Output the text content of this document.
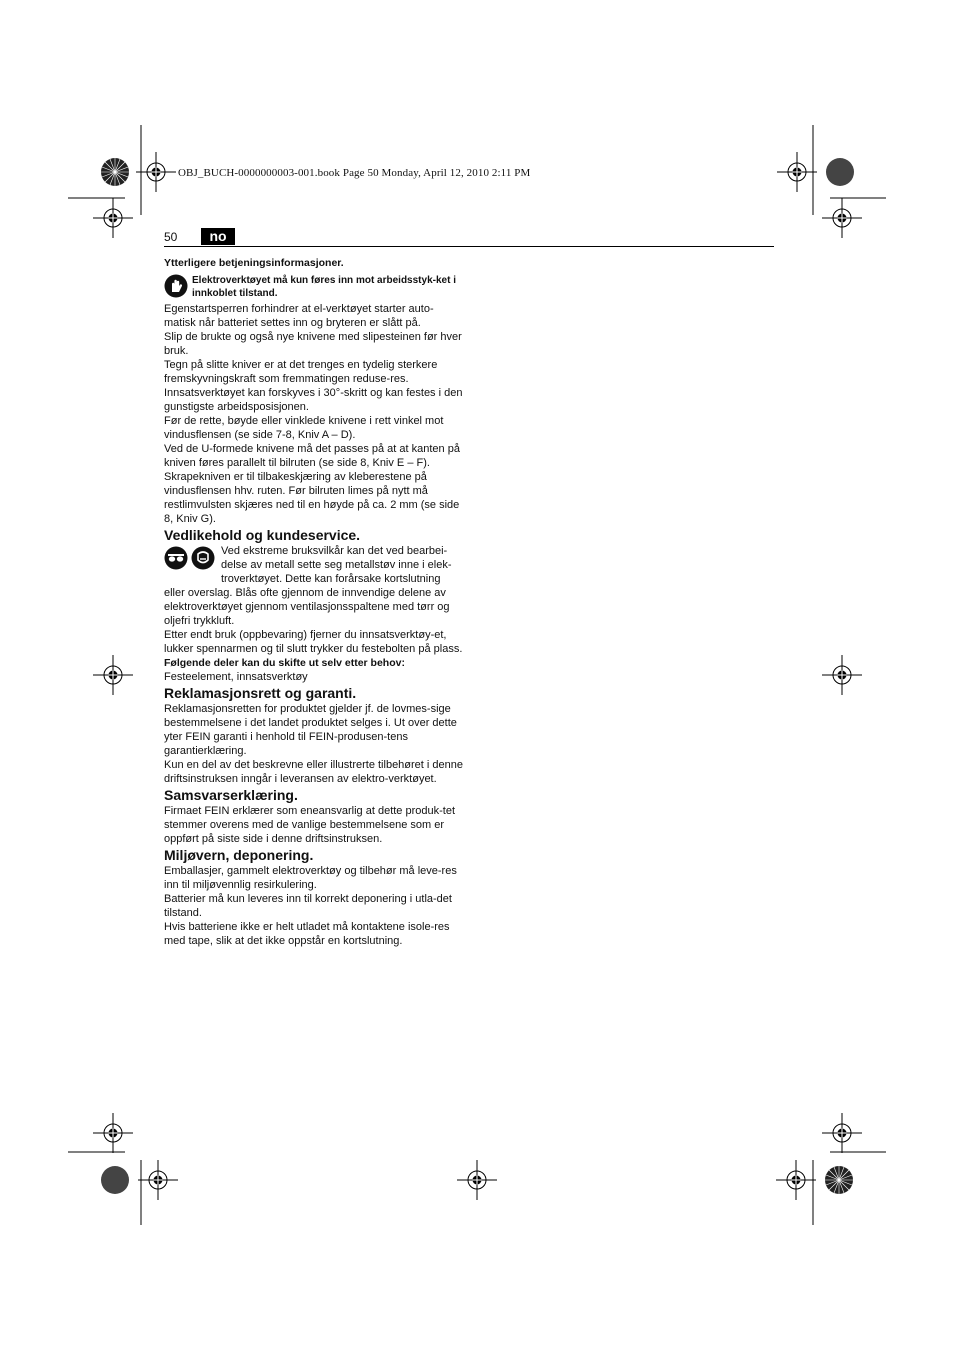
OBJ_BUCH-0000000003-001.book Page 50 Monday, April 12, 2010 2:11 PM
50	no

Ytterligere betjeningsinformasjoner.

Elektroverktøyet må kun føres inn mot arbeidsstyk-ket i innkoblet tilstand.

Egenstartsperren forhindrer at el-verktøyet starter auto-matisk når batteriet settes inn og bryteren er slått på.

Slip de brukte og også nye knivene med slipesteinen før hver bruk.

Tegn på slitte kniver er at det trenges en tydelig sterkere fremskyvningskraft som fremmatingen reduse-res.

Innsatsverktøyet kan forskyves i 30°-skritt og kan festes i den gunstigste arbeidsposisjonen.

Før de rette, bøyde eller vinklede knivene i rett vinkel mot vindusflensen (se side 7-8, Kniv A – D).

Ved de U-formede knivene må det passes på at at kanten på kniven føres parallelt til bilruten (se side 8, Kniv E – F).

Skrapekniven er til tilbakeskjæring av kleberestene på vindusflensen hhv. ruten. Før bilruten limes på nytt må restlimvulsten skjæres ned til en høyde på ca. 2 mm (se side 8, Kniv G).

Vedlikehold og kundeservice.

Ved ekstreme bruksvilkår kan det ved bearbei-delse av metall sette seg metallstøv inne i elek-troverktøyet. Dette kan forårsake kortslutning eller overslag. Blås ofte gjennom de innvendige delene av elektroverktøyet gjennom ventilasjonsspaltene med tørr og oljefri trykkluft.

Etter endt bruk (oppbevaring) fjerner du innsatsverktøy-et, lukker spennarmen og til slutt trykker du festebolten på plass.

Følgende deler kan du skifte ut selv etter behov:

Festeelement, innsatsverktøy

Reklamasjonsrett og garanti.

Reklamasjonsretten for produktet gjelder jf. de lovmes-sige bestemmelsene i det landet produktet selges i. Ut over dette yter FEIN garanti i henhold til FEIN-produsen-tens garantierklæring.

Kun en del av det beskrevne eller illustrerte tilbehøret i denne driftsinstruksen inngår i leveransen av elektro-verktøyet.

Samsvarserklæring.

Firmaet FEIN erklærer som eneansvarlig at dette produk-tet stemmer overens med de vanlige bestemmelsene som er oppført på siste side i denne driftsinstruksen.

Miljøvern, deponering.

Emballasjer, gammelt elektroverktøy og tilbehør må leve-res inn til miljøvennlig resirkulering.

Batterier må kun leveres inn til korrekt deponering i utla-det tilstand.

Hvis batteriene ikke er helt utladet må kontaktene isole-res med tape, slik at det ikke oppstår en kortslutning.
